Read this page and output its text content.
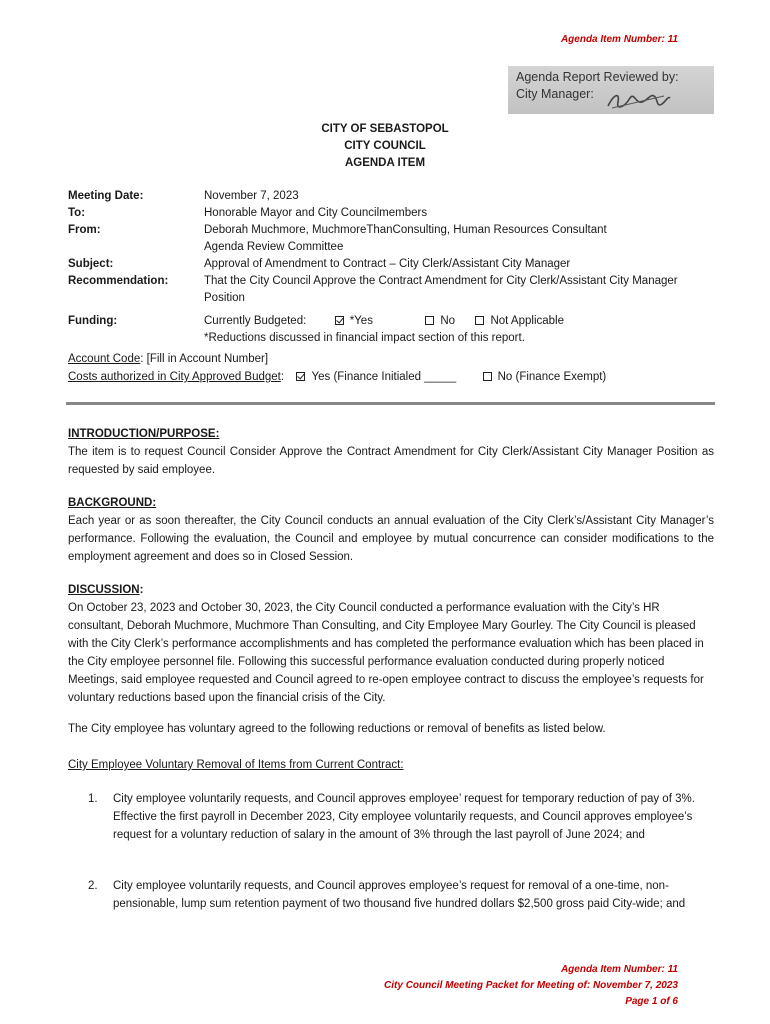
Agenda Item Number: 11
Agenda Report Reviewed by:
City Manager:
CITY OF SEBASTOPOL
CITY COUNCIL
AGENDA ITEM
Meeting Date:	November 7, 2023
To:	Honorable Mayor and City Councilmembers
From:	Deborah Muchmore, MuchmoreThanConsulting, Human Resources Consultant
Agenda Review Committee
Subject:	Approval of Amendment to Contract – City Clerk/Assistant City Manager
Recommendation:	That the City Council Approve the Contract Amendment for City Clerk/Assistant City Manager Position
Funding:	Currently Budgeted:	*Yes	No	Not Applicable
*Reductions discussed in financial impact section of this report.
Account Code: [Fill in Account Number]
Costs authorized in City Approved Budget: Yes (Finance Initialed _____	No (Finance Exempt)
INTRODUCTION/PURPOSE:
The item is to request Council Consider Approve the Contract Amendment for City Clerk/Assistant City Manager Position as requested by said employee.
BACKGROUND:
Each year or as soon thereafter, the City Council conducts an annual evaluation of the City Clerk’s/Assistant City Manager’s performance. Following the evaluation, the Council and employee by mutual concurrence can consider modifications to the employment agreement and does so in Closed Session.
DISCUSSION:

On October 23, 2023 and October 30, 2023, the City Council conducted a performance evaluation with the City’s HR consultant, Deborah Muchmore, Muchmore Than Consulting, and City Employee Mary Gourley. The City Council is pleased with the City Clerk’s performance accomplishments and has completed the performance evaluation which has been placed in the City employee personnel file. Following this successful performance evaluation conducted during properly noticed Meetings, said employee requested and Council agreed to re-open employee contract to discuss the employee’s requests for voluntary reductions based upon the financial crisis of the City.

The City employee has voluntary agreed to the following reductions or removal of benefits as listed below.
City Employee Voluntary Removal of Items from Current Contract:
1.	City employee voluntarily requests, and Council approves employee’ request for temporary reduction of pay of 3%. Effective the first payroll in December 2023, City employee voluntarily requests, and Council approves employee’s request for a voluntary reduction of salary in the amount of 3% through the last payroll of June 2024; and
2.	City employee voluntarily requests, and Council approves employee’s request for removal of a one-time, non-pensionable, lump sum retention payment of two thousand five hundred dollars $2,500 gross paid City-wide; and
Agenda Item Number: 11
City Council Meeting Packet for Meeting of: November 7, 2023
Page 1 of 6
